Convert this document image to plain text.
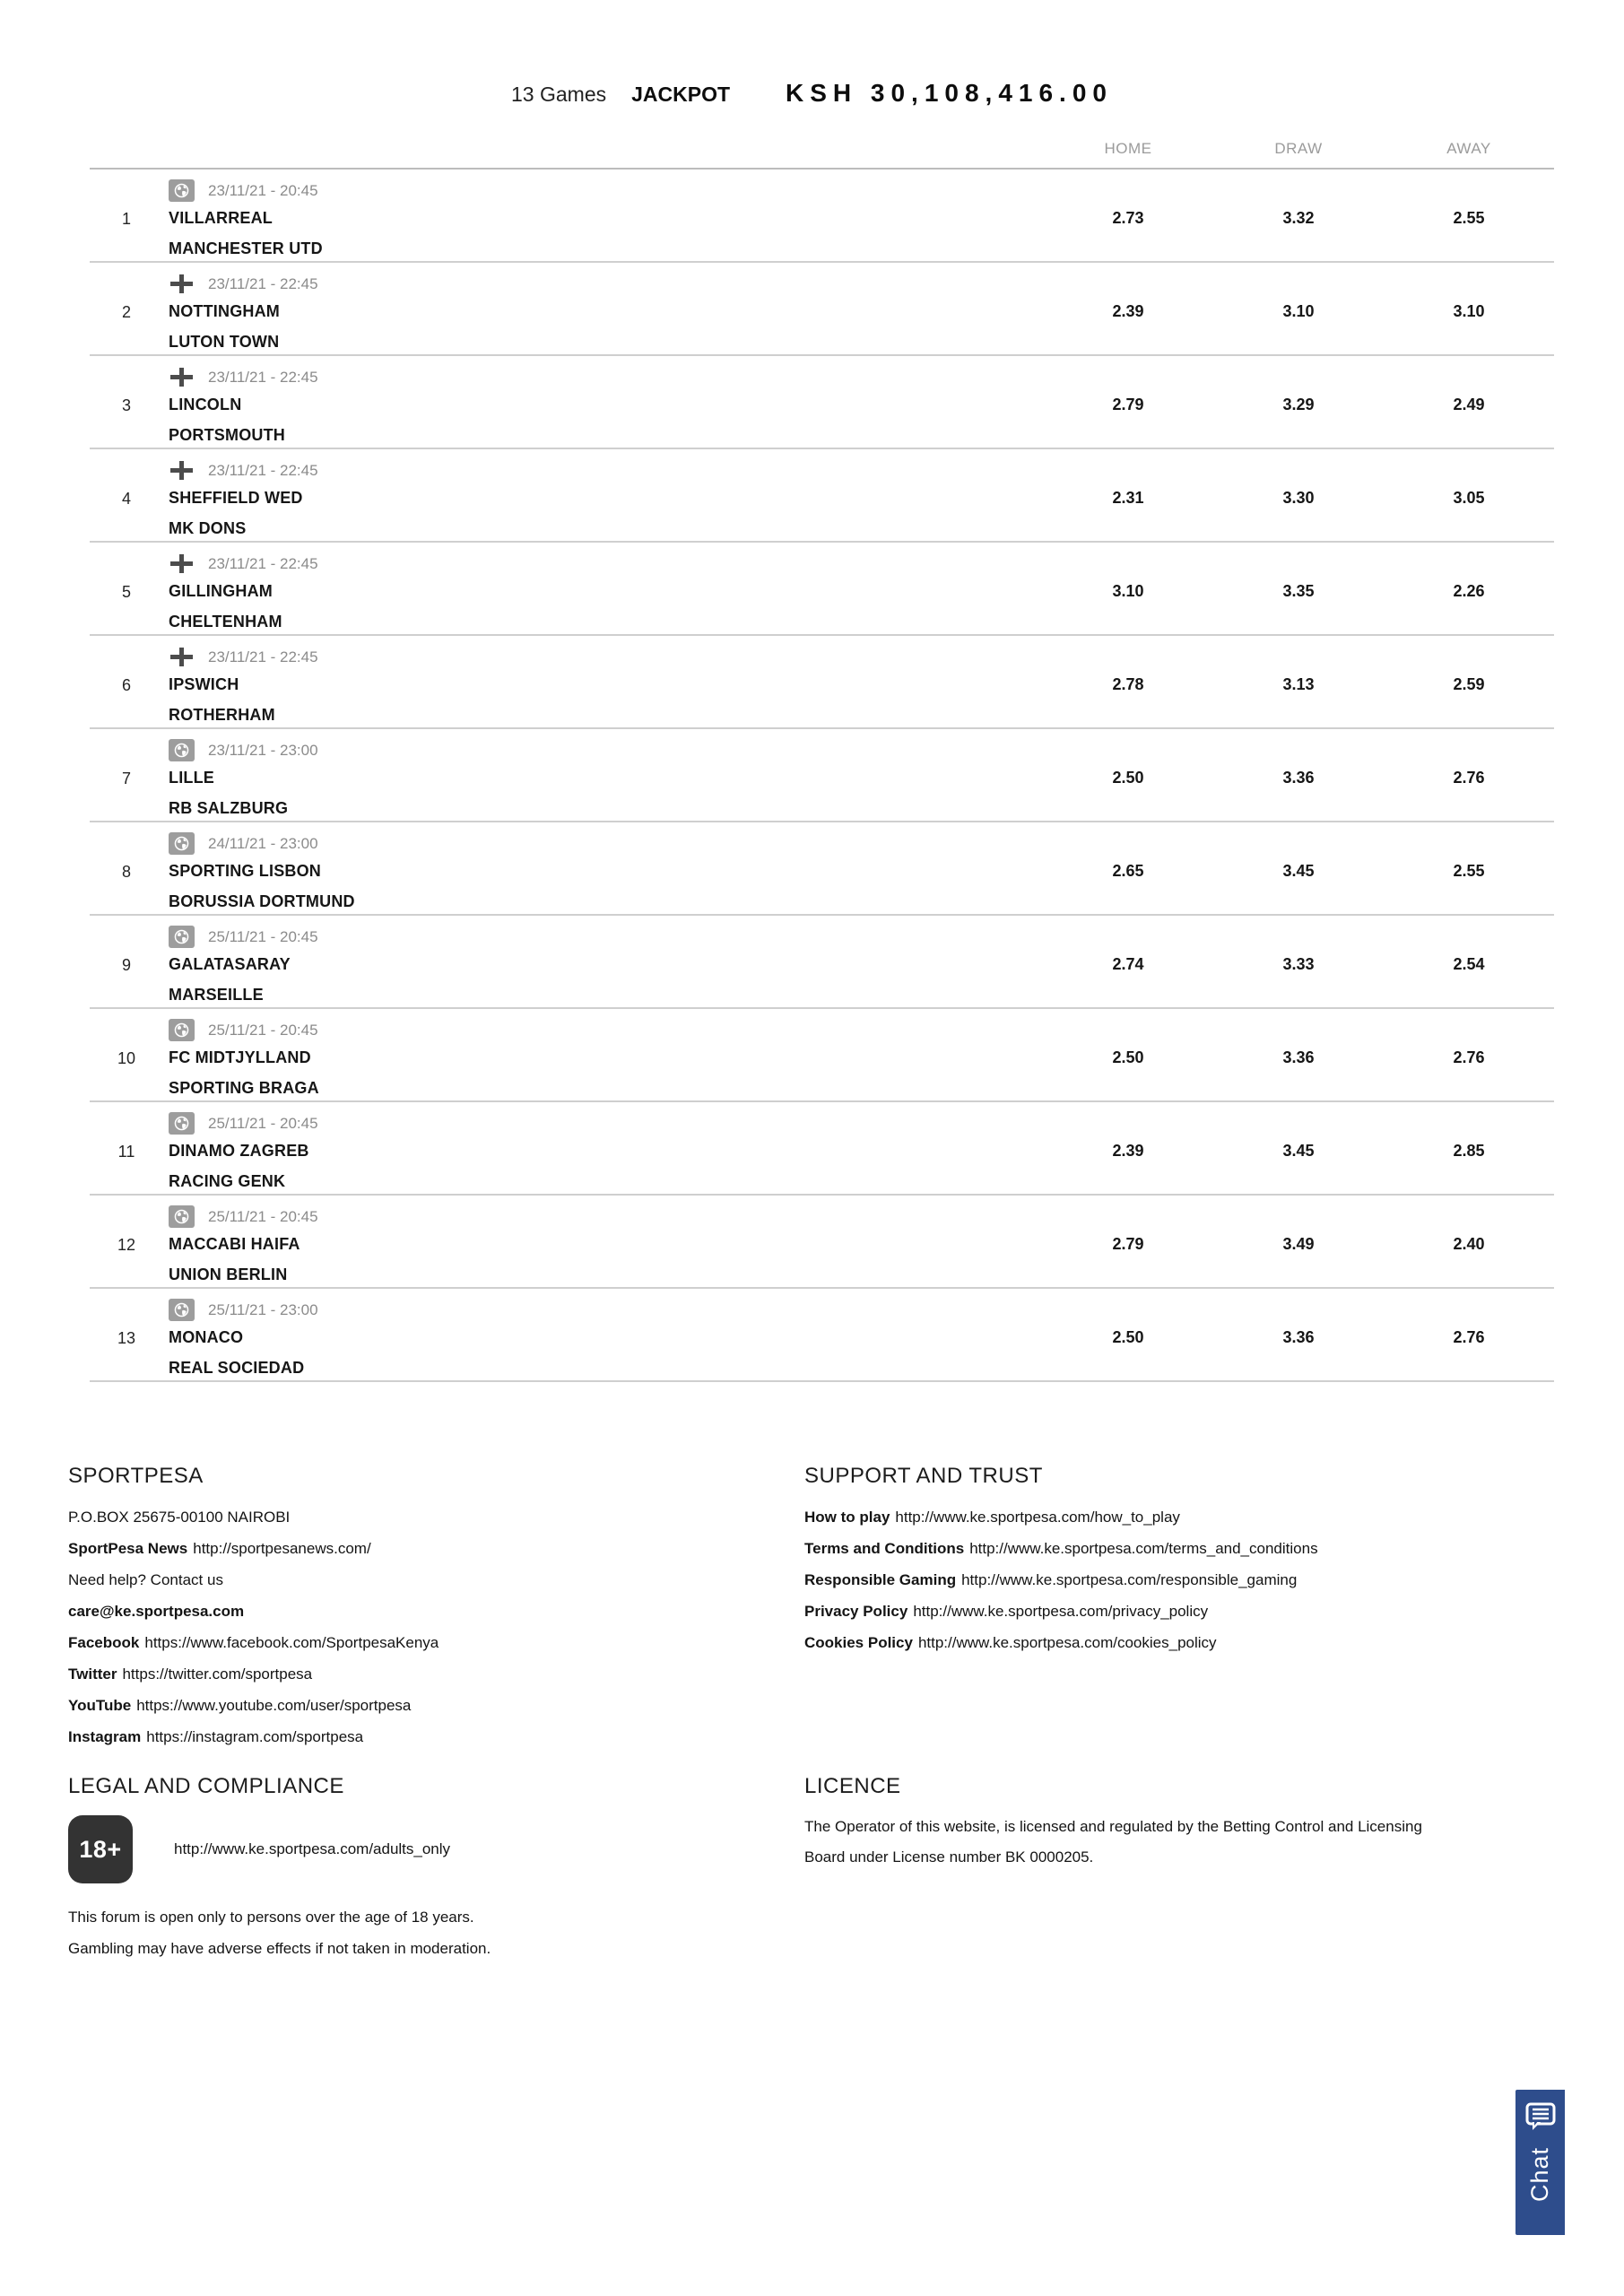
13 Games JACKPOT KSH 30,108,416.00
HOME	DRAW	AWAY
23/11/21 - 20:45
1	VILLARREAL
MANCHESTER UTD
2.73	3.32	2.55
23/11/21 - 22:45
2	NOTTINGHAM
LUTON TOWN
2.39	3.10	3.10
23/11/21 - 22:45
3	LINCOLN
PORTSMOUTH
2.79	3.29	2.49
23/11/21 - 22:45
4	SHEFFIELD WED
MK DONS
2.31	3.30	3.05
23/11/21 - 22:45
5	GILLINGHAM
CHELTENHAM
3.10	3.35	2.26
23/11/21 - 22:45
6	IPSWICH
ROTHERHAM
2.78	3.13	2.59
23/11/21 - 23:00
7	LILLE
RB SALZBURG
2.50	3.36	2.76
24/11/21 - 23:00
8	SPORTING LISBON
BORUSSIA DORTMUND
2.65	3.45	2.55
25/11/21 - 20:45
9	GALATASARAY
MARSEILLE
2.74	3.33	2.54
25/11/21 - 20:45
10	FC MIDTJYLLAND
SPORTING BRAGA
2.50	3.36	2.76
25/11/21 - 20:45
11	DINAMO ZAGREB
RACING GENK
2.39	3.45	2.85
25/11/21 - 20:45
12	MACCABI HAIFA
UNION BERLIN
2.79	3.49	2.40
25/11/21 - 23:00
13	MONACO
REAL SOCIEDAD
2.50	3.36	2.76
SPORTPESA
P.O.BOX 25675-00100 NAIROBI
SportPesa News http://sportpesanews.com/
Need help? Contact us
care@ke.sportpesa.com
Facebook https://www.facebook.com/SportpesaKenya
Twitter https://twitter.com/sportpesa
YouTube https://www.youtube.com/user/sportpesa
Instagram https://instagram.com/sportpesa
SUPPORT AND TRUST
How to play http://www.ke.sportpesa.com/how_to_play
Terms and Conditions http://www.ke.sportpesa.com/terms_and_conditions
Responsible Gaming http://www.ke.sportpesa.com/responsible_gaming
Privacy Policy http://www.ke.sportpesa.com/privacy_policy
Cookies Policy http://www.ke.sportpesa.com/cookies_policy
LEGAL AND COMPLIANCE
18+	http://www.ke.sportpesa.com/adults_only
This forum is open only to persons over the age of 18 years.
Gambling may have adverse effects if not taken in moderation.
LICENCE
The Operator of this website, is licensed and regulated by the Betting Control and Licensing Board under License number BK 0000205.
Chat
